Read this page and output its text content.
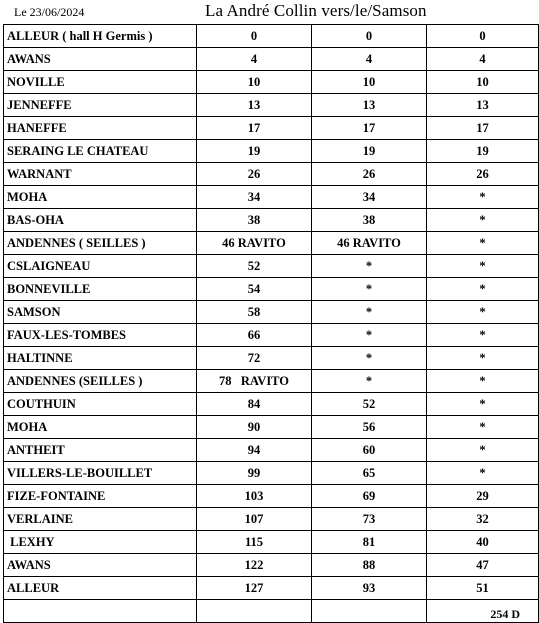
Le 23/06/2024	La André Collin vers/le/Samson
ALLEUR ( hall H Germis )	0	0	0
AWANS	4	4	4
NOVILLE	10	10	10
JENNEFFE	13	13	13
HANEFFE	17	17	17
SERAING LE CHATEAU	19	19	19
WARNANT	26	26	26
MOHA	34	34	*
BAS-OHA	38	38	*
ANDENNES ( SEILLES )	46 RAVITO	46 RAVITO	*
CSLAIGNEAU	52	*	*
BONNEVILLE	54	*	*
SAMSON	58	*	*
FAUX-LES-TOMBES	66	*	*
HALTINNE	72	*	*
ANDENNES (SEILLES )	78   RAVITO	*	*
COUTHUIN	84	52	*
MOHA	90	56	*
ANTHEIT	94	60	*
VILLERS-LE-BOUILLET	99	65	*
FIZE-FONTAINE	103	69	29
VERLAINE	107	73	32
LEXHY	115	81	40
AWANS	122	88	47
ALLEUR	127	93	51
			254 D
